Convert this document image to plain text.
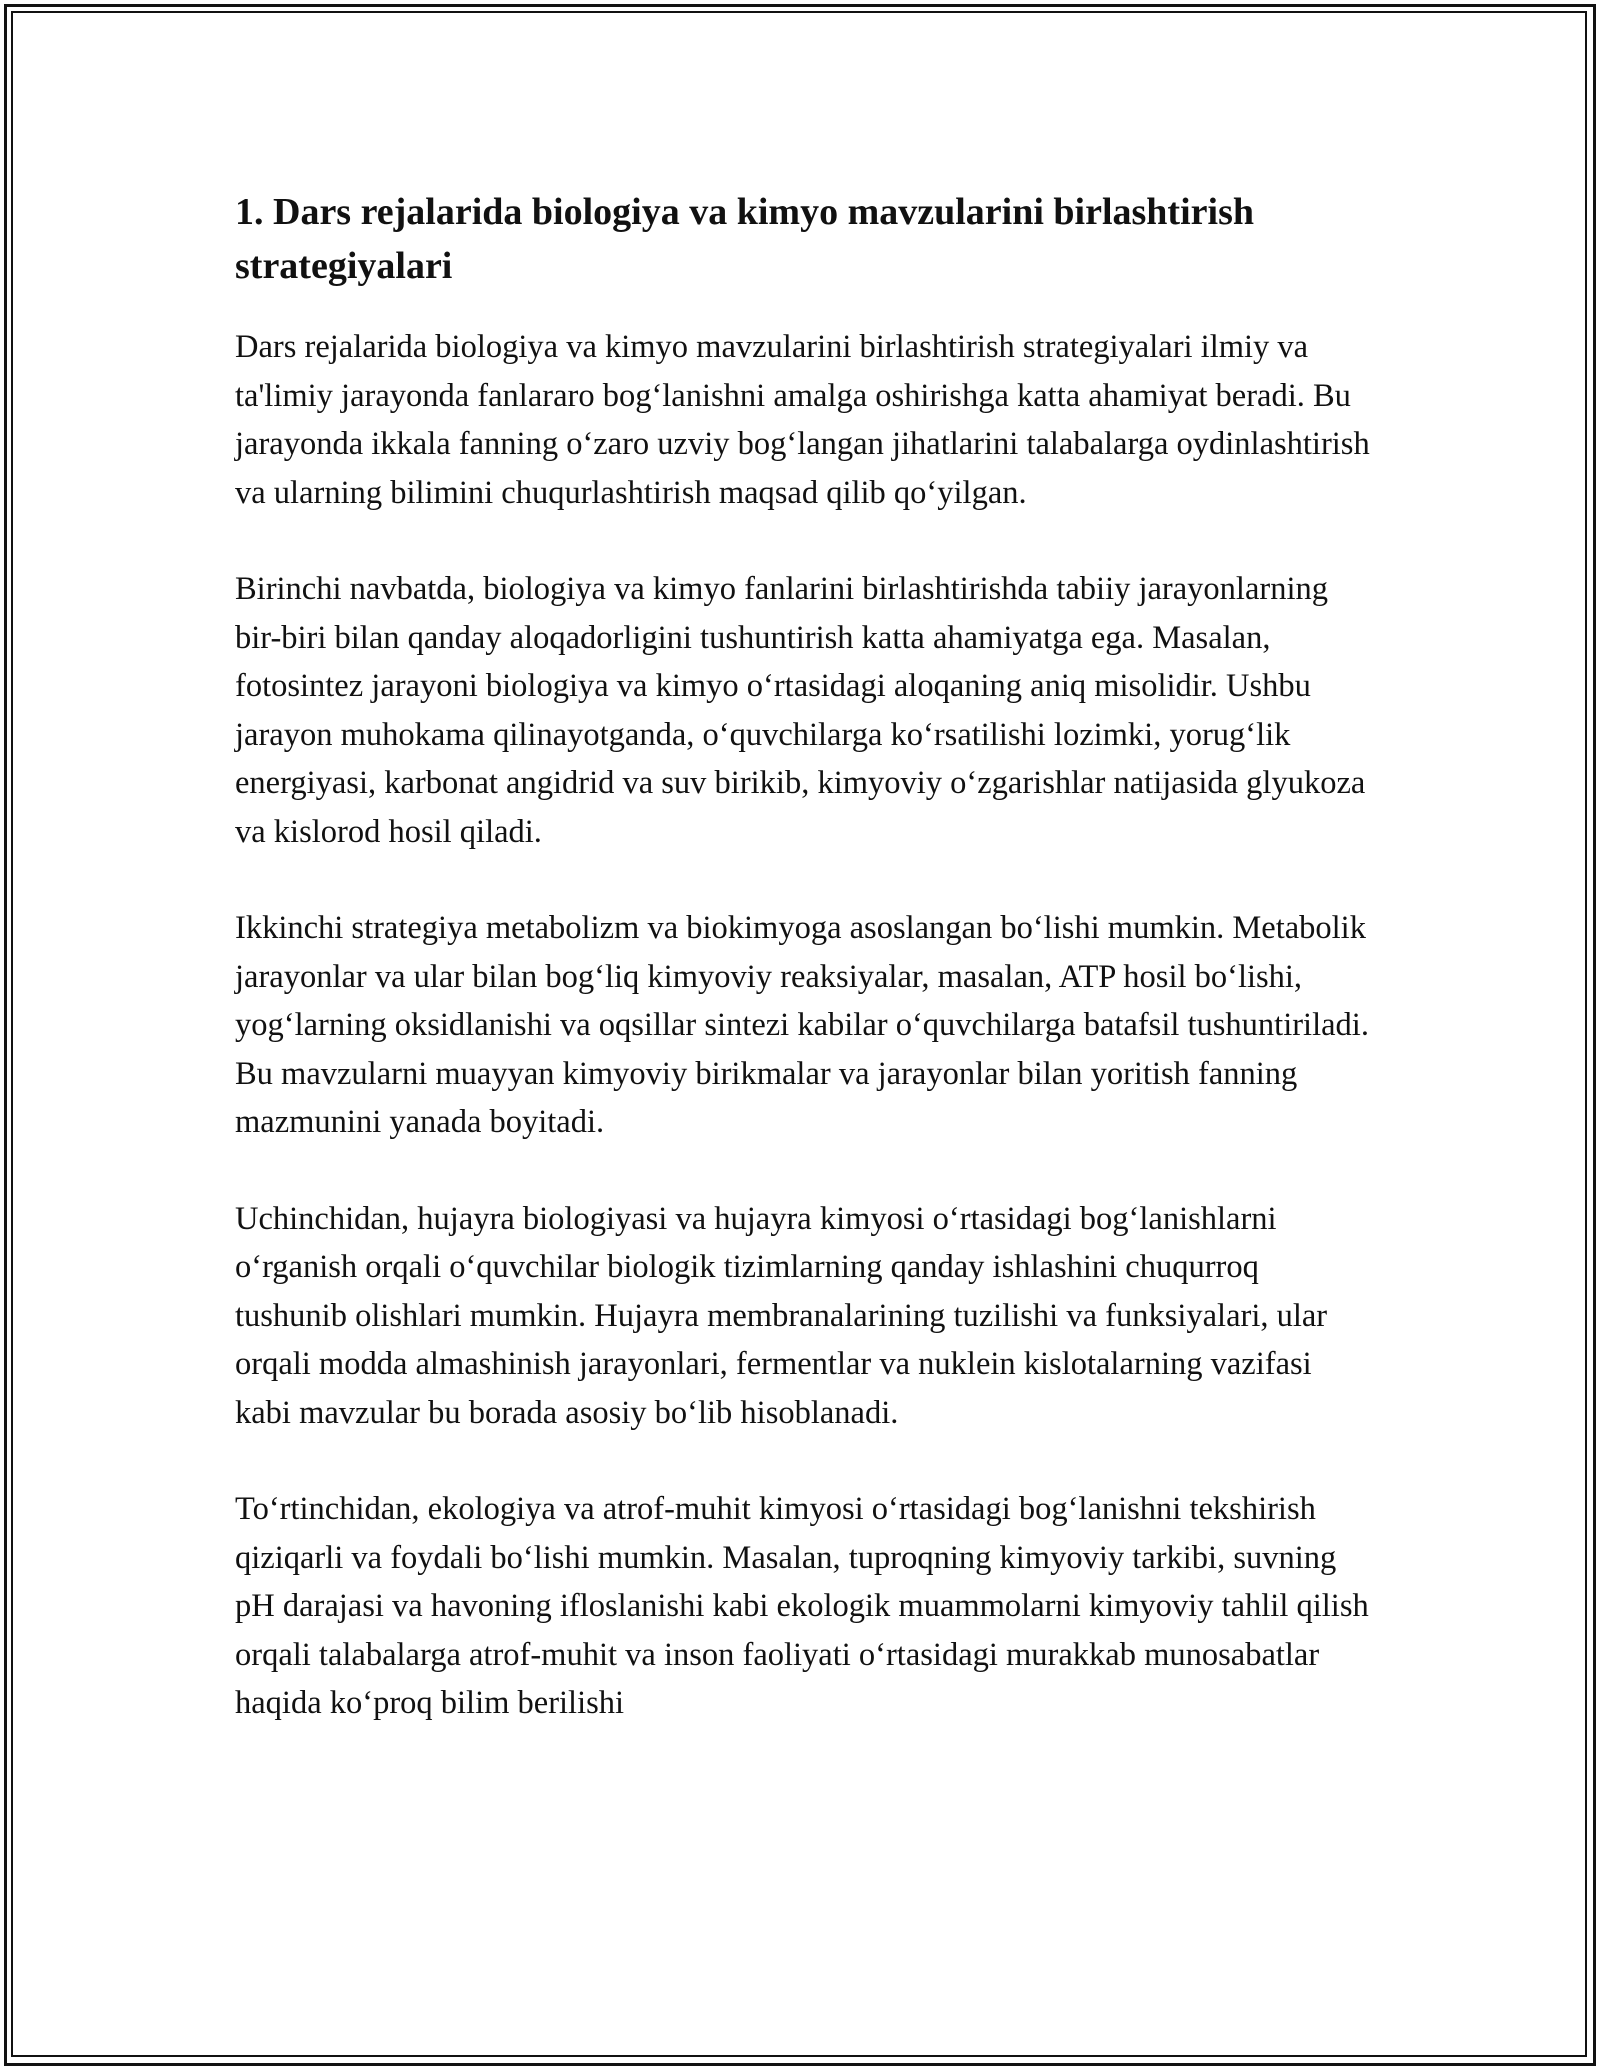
1. Dars rejalarida biologiya va kimyo mavzularini birlashtirish strategiyalari

Dars rejalarida biologiya va kimyo mavzularini birlashtirish strategiyalari ilmiy va ta'limiy jarayonda fanlararo bog‘lanishni amalga oshirishga katta ahamiyat beradi. Bu jarayonda ikkala fanning o‘zaro uzviy bog‘langan jihatlarini talabalarga oydinlashtirish va ularning bilimini chuqurlashtirish maqsad qilib qo‘yilgan.

Birinchi navbatda, biologiya va kimyo fanlarini birlashtirishda tabiiy jarayonlarning bir-biri bilan qanday aloqadorligini tushuntirish katta ahamiyatga ega. Masalan, fotosintez jarayoni biologiya va kimyo o‘rtasidagi aloqaning aniq misolidir. Ushbu jarayon muhokama qilinayotganda, o‘quvchilarga ko‘rsatilishi lozimki, yorug‘lik energiyasi, karbonat angidrid va suv birikib, kimyoviy o‘zgarishlar natijasida glyukoza va kislorod hosil qiladi.

Ikkinchi strategiya metabolizm va biokimyoga asoslangan bo‘lishi mumkin. Metabolik jarayonlar va ular bilan bog‘liq kimyoviy reaksiyalar, masalan, ATP hosil bo‘lishi, yog‘larning oksidlanishi va oqsillar sintezi kabilar o‘quvchilarga batafsil tushuntiriladi. Bu mavzularni muayyan kimyoviy birikmalar va jarayonlar bilan yoritish fanning mazmunini yanada boyitadi.

Uchinchidan, hujayra biologiyasi va hujayra kimyosi o‘rtasidagi bog‘lanishlarni o‘rganish orqali o‘quvchilar biologik tizimlarning qanday ishlashini chuqurroq tushunib olishlari mumkin. Hujayra membranalarining tuzilishi va funksiyalari, ular orqali modda almashinish jarayonlari, fermentlar va nuklein kislotalarning vazifasi kabi mavzular bu borada asosiy bo‘lib hisoblanadi.

To‘rtinchidan, ekologiya va atrof-muhit kimyosi o‘rtasidagi bog‘lanishni tekshirish qiziqarli va foydali bo‘lishi mumkin. Masalan, tuproqning kimyoviy tarkibi, suvning pH darajasi va havoning ifloslanishi kabi ekologik muammolarni kimyoviy tahlil qilish orqali talabalarga atrof-muhit va inson faoliyati o‘rtasidagi murakkab munosabatlar haqida ko‘proq bilim berilishi
